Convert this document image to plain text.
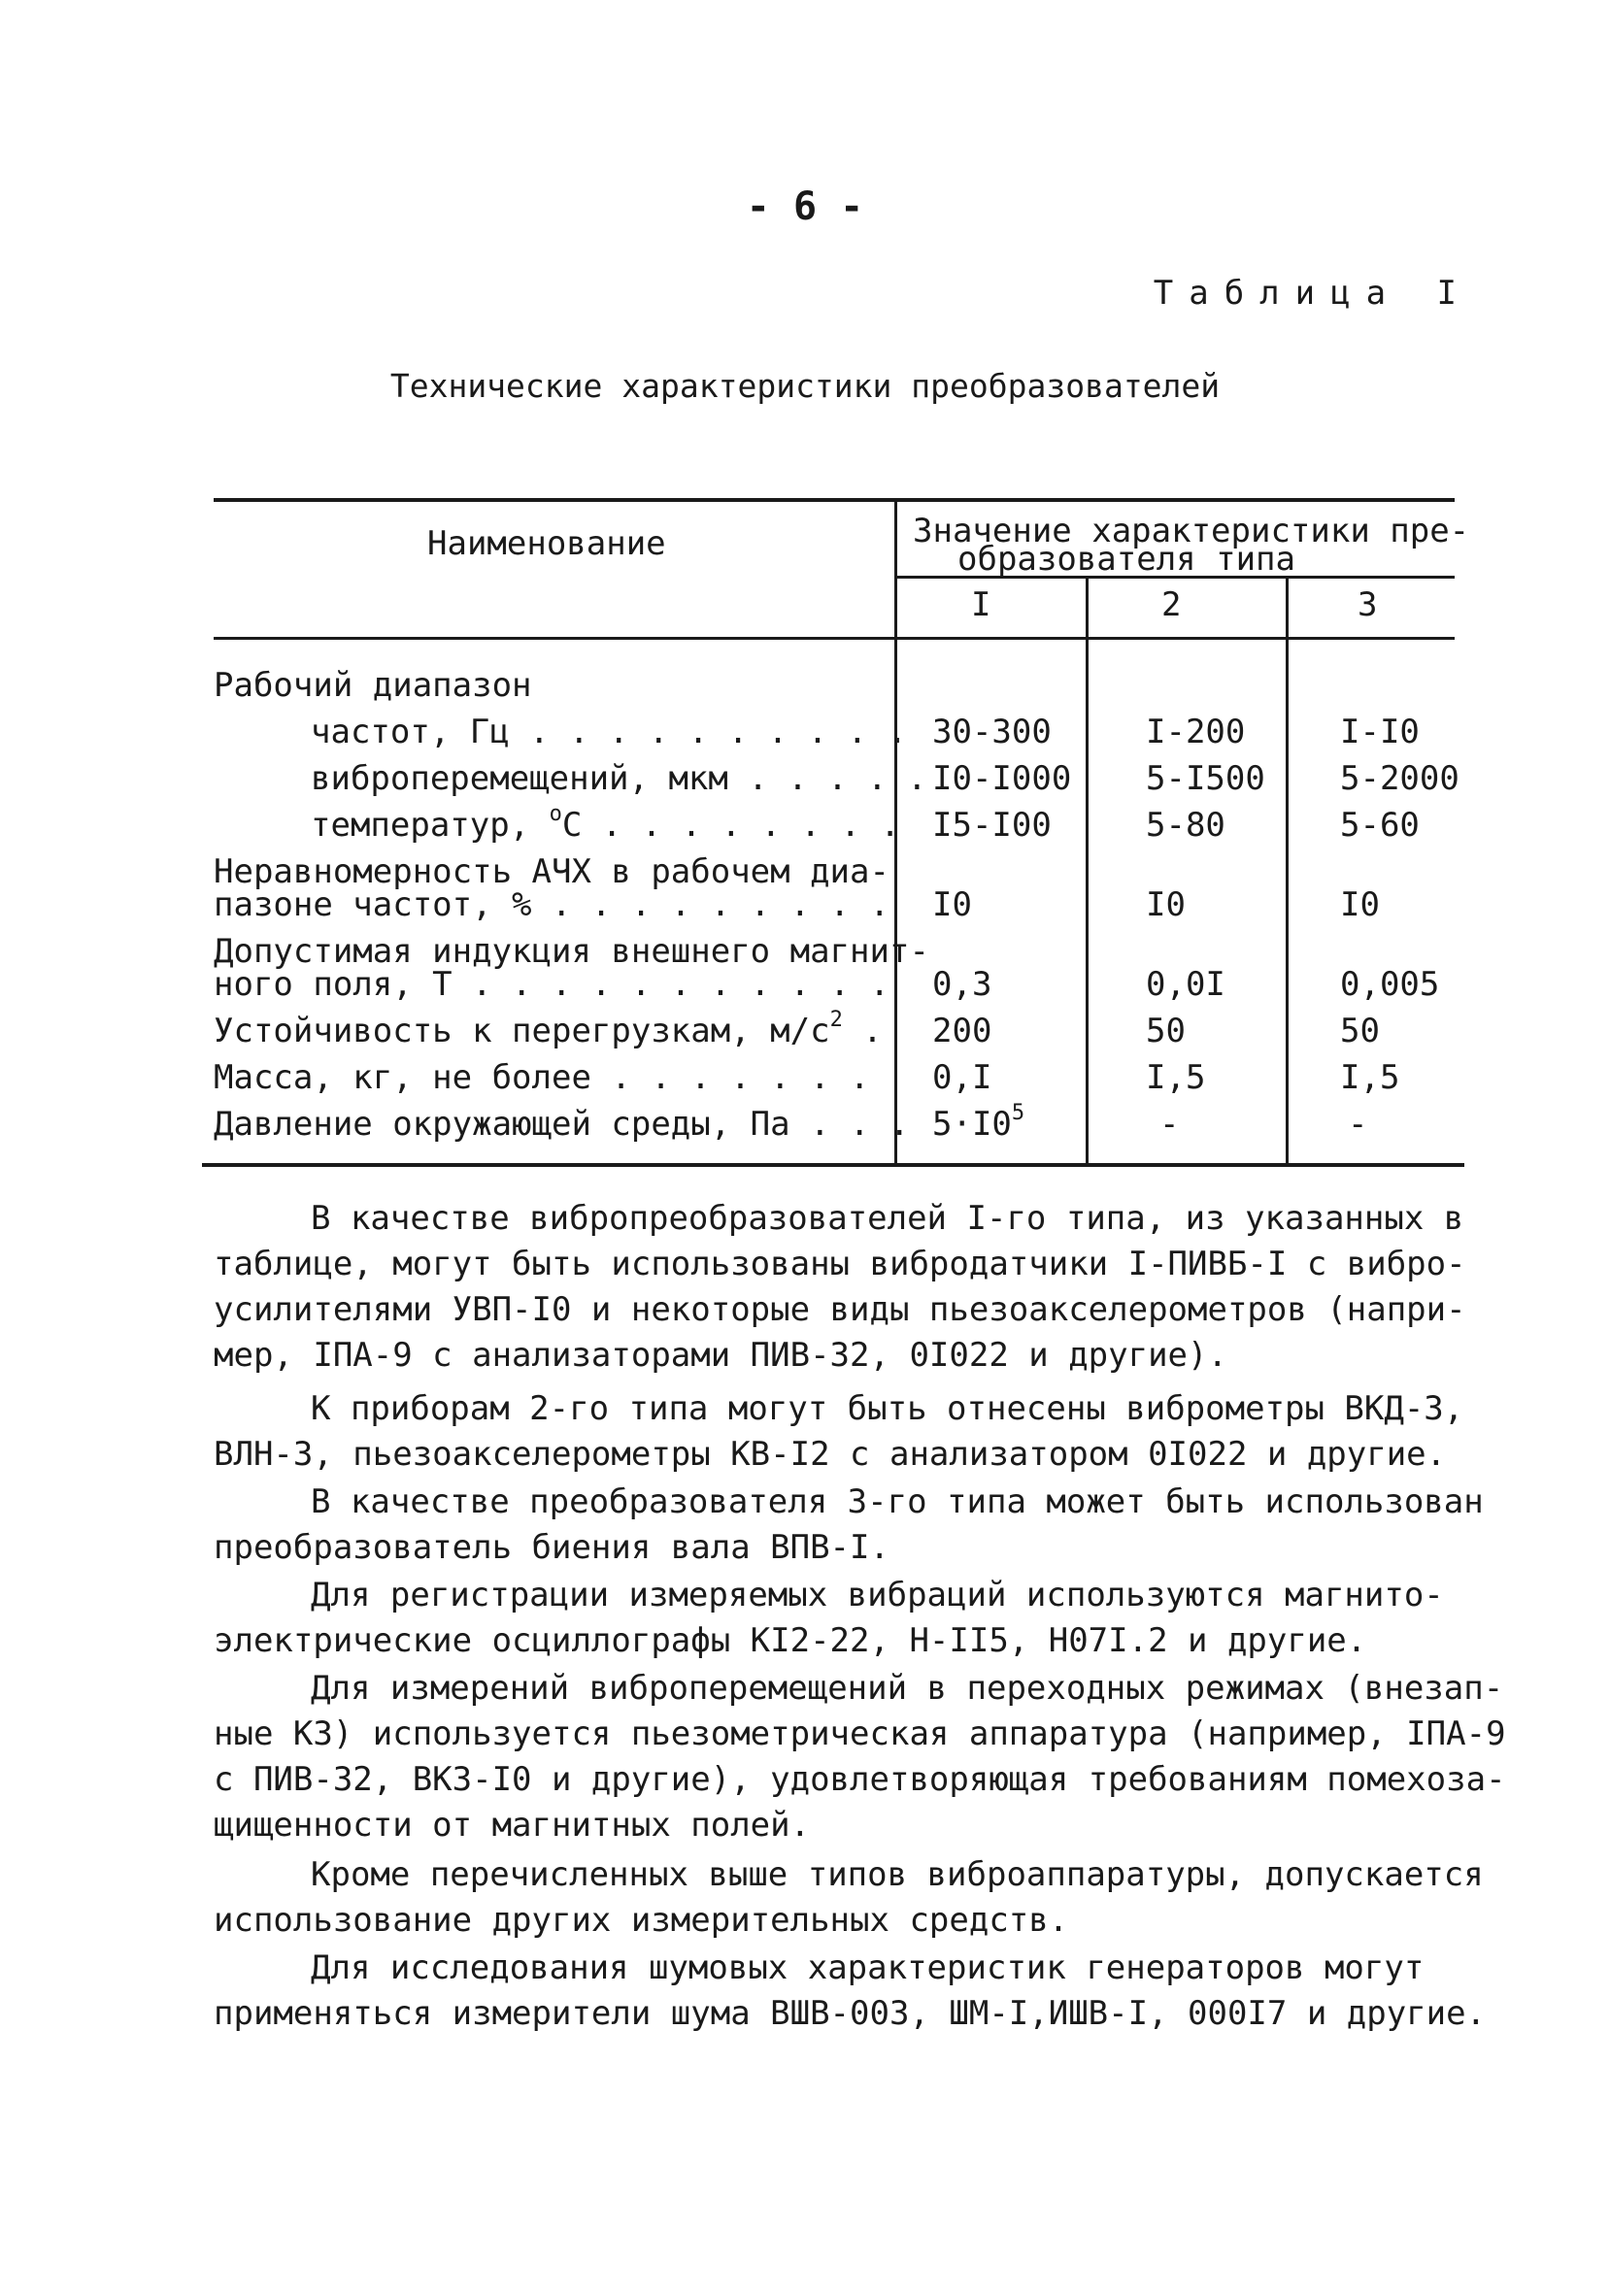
- 6 -
Таблица I
Технические характеристики преобразователей
Наименование	Значение характеристики пре-
образователя типа
I	2	3
Рабочий диапазон
частот, Гц . . . . . . . . . . 30-300	I-200	I-I0
виброперемещений, мкм . . . . . I0-I000 5-I500 5-2000
температур, $^о$С . . . . . . . . I5-I00	5-80	5-60
Неравномерность АЧХ в рабочем диа-
пазоне частот, % . . . . . . . . . I0	I0	I0
Допустимая индукция внешнего магнит-
ного поля, Т . . . . . . . . . . . 0,3	0,0I	0,005
Устойчивость к перегрузкам, $м/с^2$ . 200	50	50
Масса, кг, не более . . . . . . . 0,I	I,5	I,5
Давление окружающей среды, Па . . . $5\cdot I0^5$	-	-
В качестве вибропреобразователей I-го типа, из указанных в
таблице, могут быть использованы вибродатчики I-ПИВБ-I с вибро-
усилителями УВП-I0 и некоторые виды пьезоакселерометров (напри-
мер, IПА-9 с анализаторами ПИВ-32, 0I022 и другие).
К приборам 2-го типа могут быть отнесены виброметры ВКД-3,
ВЛН-3, пьезоакселерометры КВ-I2 с анализатором 0I022 и другие.
В качестве преобразователя 3-го типа может быть использован
преобразователь биения вала ВПВ-I.
Для регистрации измеряемых вибраций используются магнито-
электрические осциллографы КI2-22, Н-II5, Н07I.2 и другие.
Для измерений виброперемещений в переходных режимах (внезап-
ные КЗ) используется пьезометрическая аппаратура (например, IПА-9
с ПИВ-32, ВКЗ-I0 и другие), удовлетворяющая требованиям помехоза-
щищенности от магнитных полей.
Кроме перечисленных выше типов виброаппаратуры, допускается
использование других измерительных средств.
Для исследования шумовых характеристик генераторов могут
применяться измерители шума ВШВ-003, ШМ-I,ИШВ-I, 000I7 и другие.
